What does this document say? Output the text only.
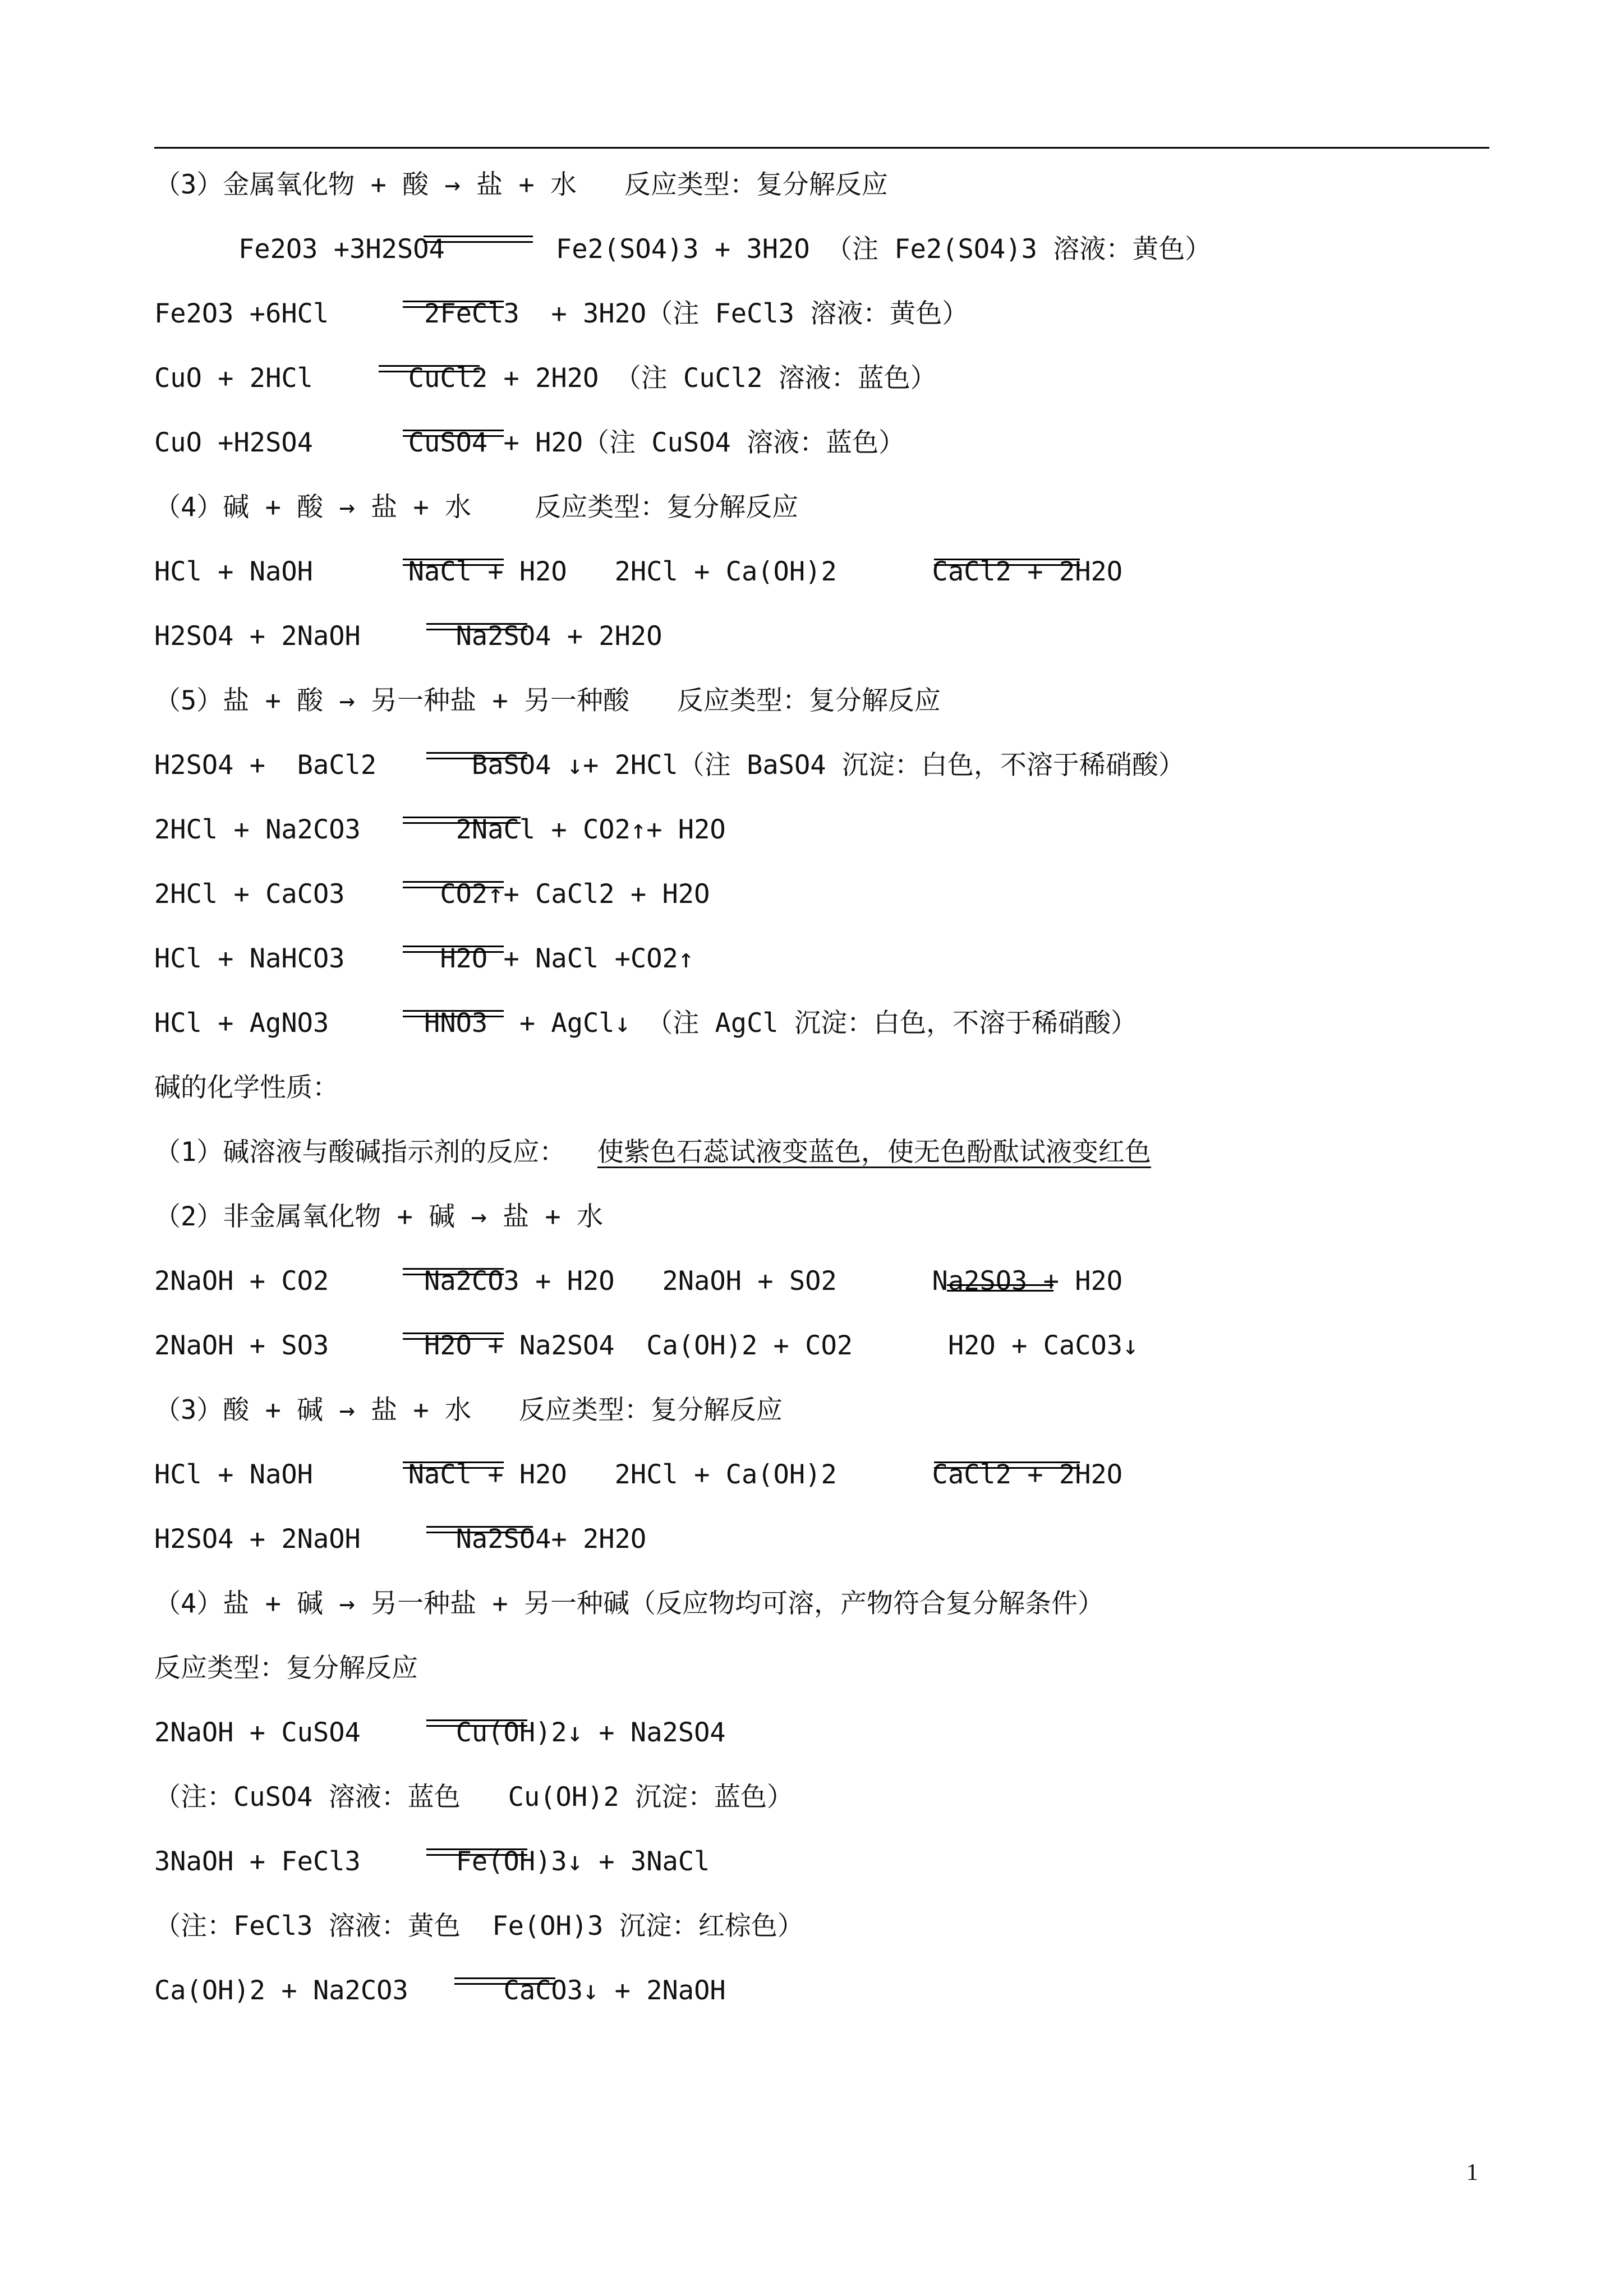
（3）金属氧化物 + 酸 → 盐 + 水   反应类型：复分解反应
Fe2O3 +3H2SO4       Fe2(SO4)3 + 3H2O （注 Fe2(SO4)3 溶液：黄色）
Fe2O3 +6HCl      2FeCl3  + 3H2O（注 FeCl3 溶液：黄色）
CuO + 2HCl      CuCl2 + 2H2O （注 CuCl2 溶液：蓝色）
CuO +H2SO4      CuSO4 + H2O（注 CuSO4 溶液：蓝色）
（4）碱 + 酸 → 盐 + 水    反应类型：复分解反应
HCl + NaOH      NaCl + H2O   2HCl + Ca(OH)2      CaCl2 + 2H2O
H2SO4 + 2NaOH      Na2SO4 + 2H2O
（5）盐 + 酸 → 另一种盐 + 另一种酸   反应类型：复分解反应
H2SO4 +  BaCl2      BaSO4 ↓+ 2HCl（注 BaSO4 沉淀：白色，不溶于稀硝酸）
2HCl + Na2CO3      2NaCl + CO2↑+ H2O
2HCl + CaCO3      CO2↑+ CaCl2 + H2O
HCl + NaHCO3      H2O + NaCl +CO2↑
HCl + AgNO3      HNO3  + AgCl↓ （注 AgCl 沉淀：白色，不溶于稀硝酸）
碱的化学性质：
（1）碱溶液与酸碱指示剂的反应： 使紫色石蕊试液变蓝色，使无色酚酞试液变红色
（2）非金属氧化物 + 碱 → 盐 + 水
2NaOH + CO2      Na2CO3 + H2O   2NaOH + SO2      Na2SO3 + H2O
2NaOH + SO3      H2O + Na2SO4  Ca(OH)2 + CO2      H2O + CaCO3↓
（3）酸 + 碱 → 盐 + 水   反应类型：复分解反应
HCl + NaOH      NaCl + H2O   2HCl + Ca(OH)2      CaCl2 + 2H2O
H2SO4 + 2NaOH      Na2SO4+ 2H2O
（4）盐 + 碱 → 另一种盐 + 另一种碱（反应物均可溶，产物符合复分解条件）
反应类型：复分解反应
2NaOH + CuSO4      Cu(OH)2↓ + Na2SO4
（注：CuSO4 溶液：蓝色   Cu(OH)2 沉淀：蓝色）
3NaOH + FeCl3      Fe(OH)3↓ + 3NaCl
（注：FeCl3 溶液：黄色  Fe(OH)3 沉淀：红棕色）
Ca(OH)2 + Na2CO3      CaCO3↓ + 2NaOH
1
